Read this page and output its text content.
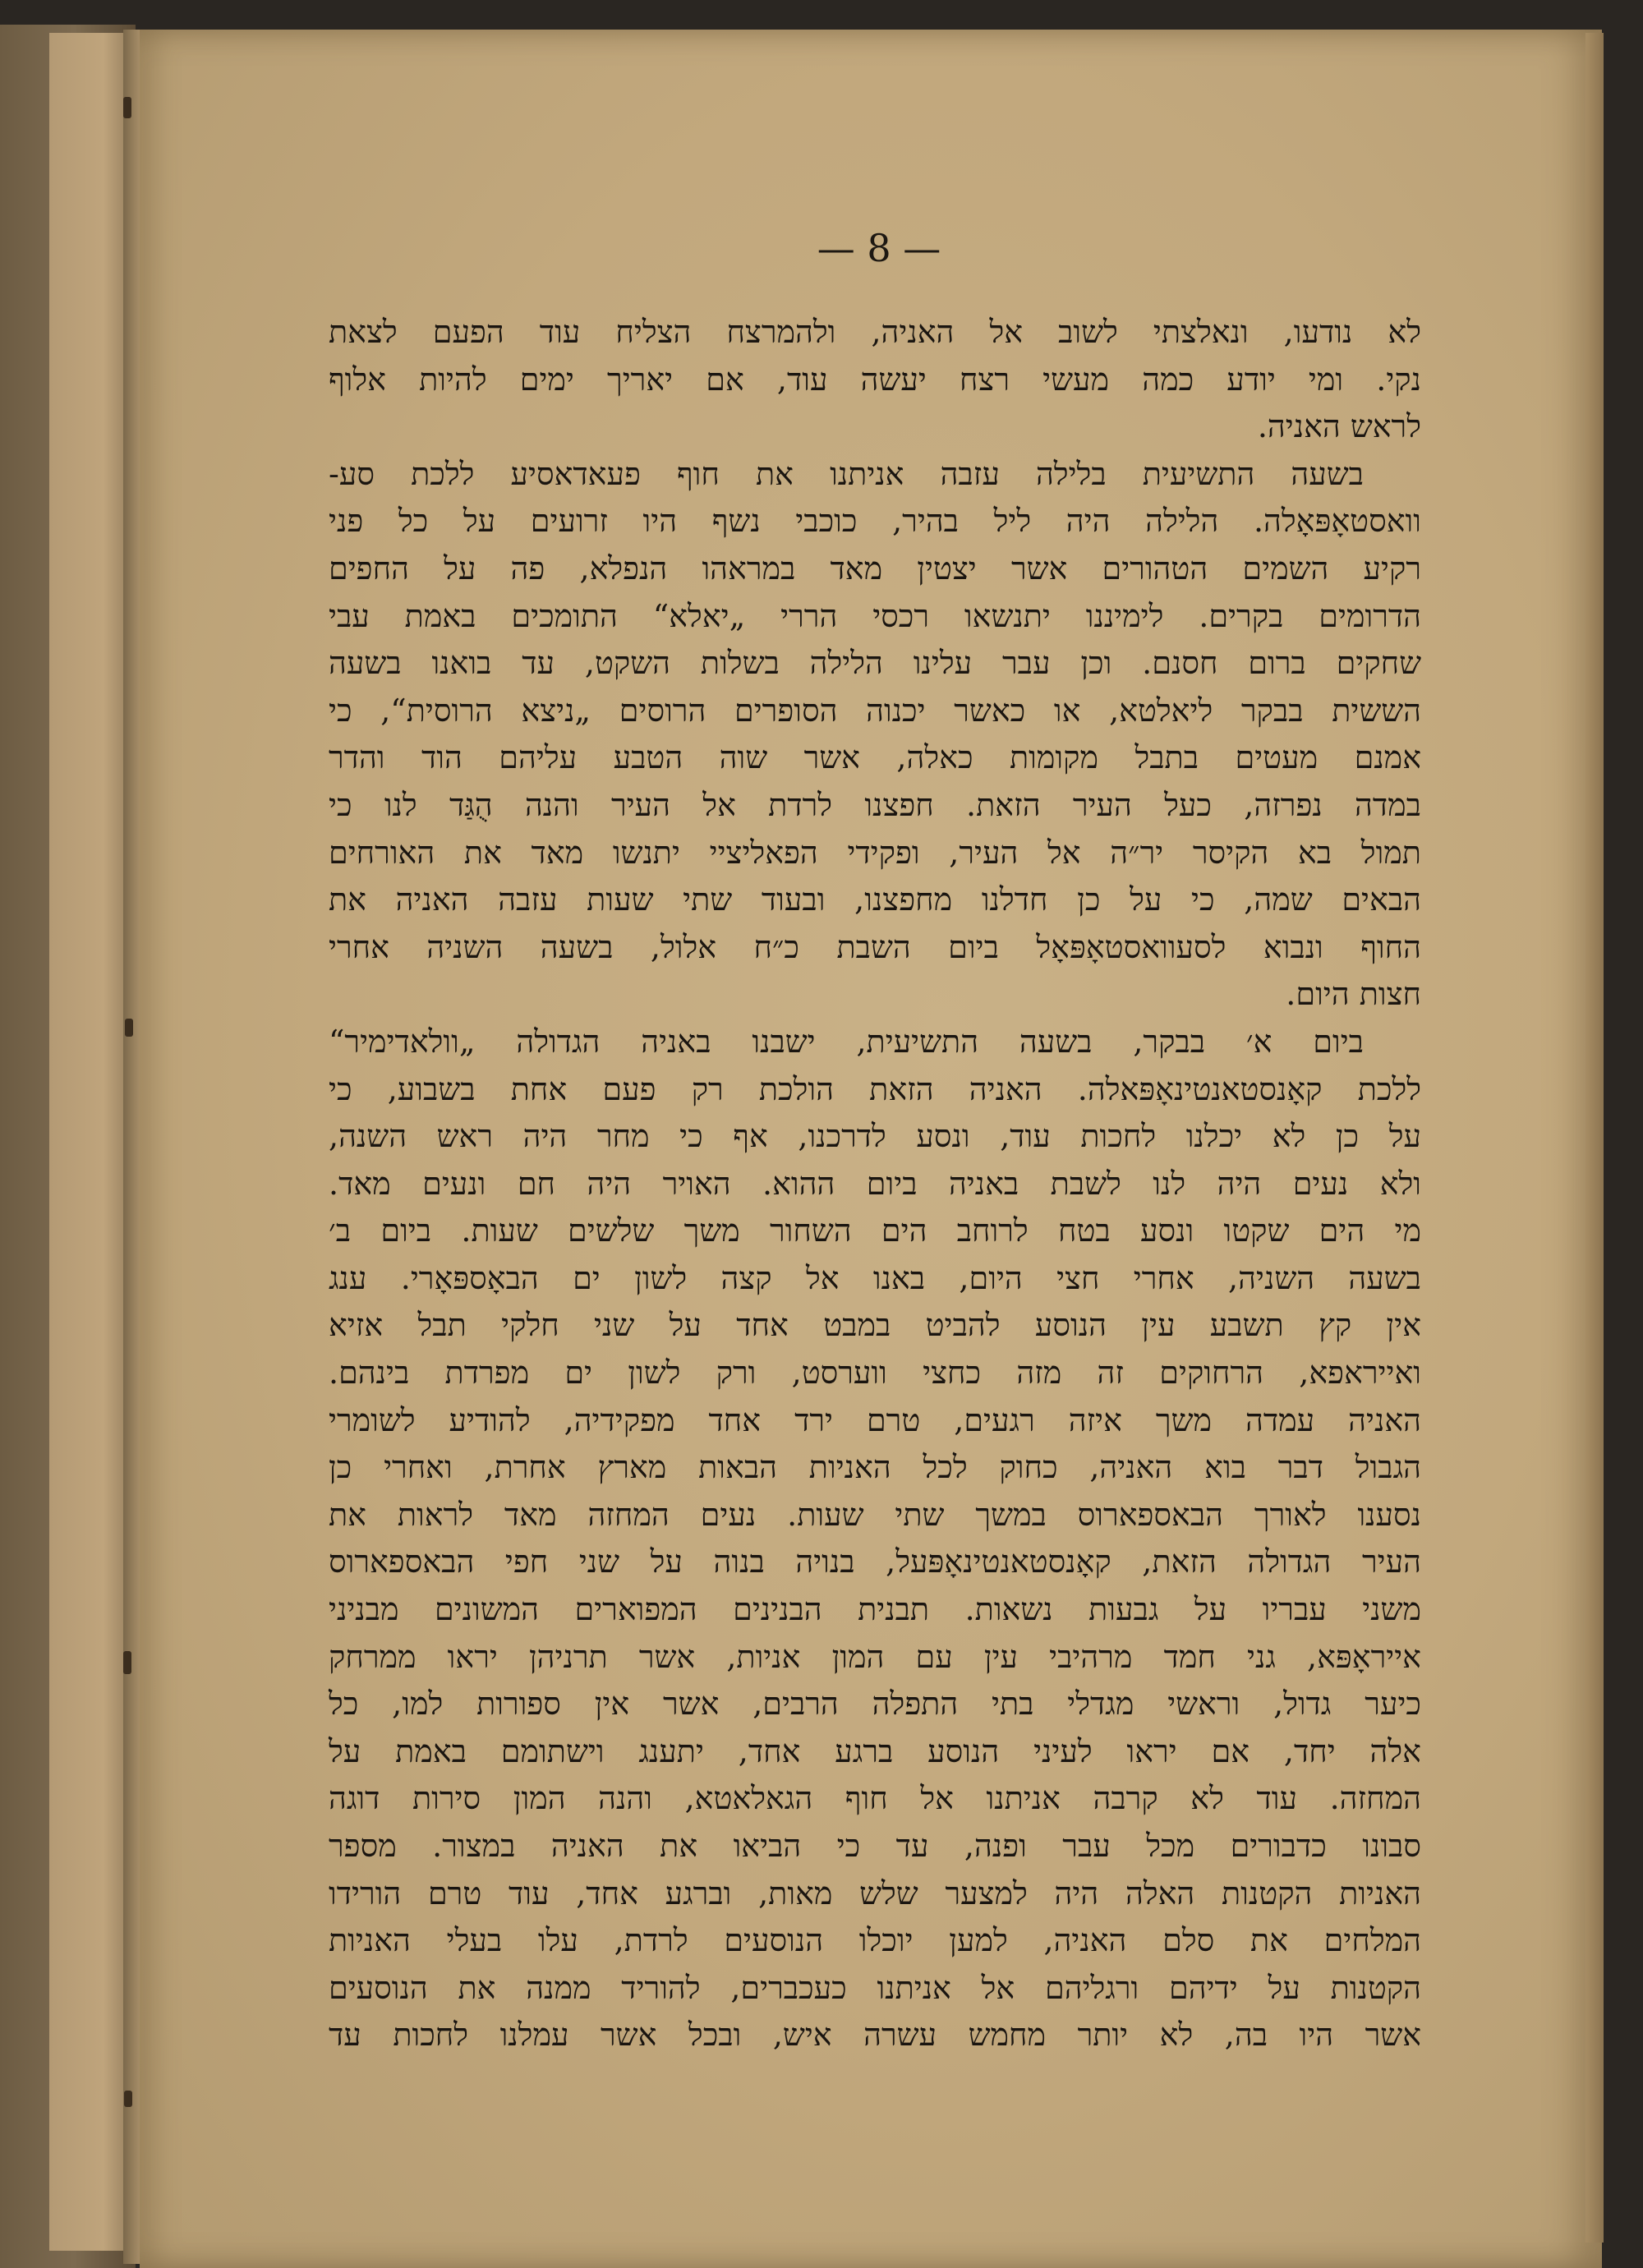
— 8 —
לא נודעו, ונאלצתי לשוב אל האניה, ולהמרצח הצליח עוד הפעם לצאת
נקי. ומי יודע כמה מעשי רצח יעשה עוד, אם יאריך ימים להיות אלוף
לראש האניה.
בשעה התשיעית בלילה עזבה אניתנו את חוף פעאדאסיע ללכת סע-
וואסטאָפּאָלה. הלילה היה ליל בהיר, כוכבי נשף היו זרועים על כל פני
רקיע השמים הטהורים אשר יצטין מאד במראהו הנפלא, פה על החפים
הדרומים בקרים. לימיננו יתנשאו רכסי הררי „יאלא“ התומכים באמת עבי
שחקים ברום חסנם. וכן עבר עלינו הלילה בשלות השקט, עד בואנו בשעה
הששית בבקר ליאלטא, או כאשר יכנוה הסופרים הרוסים „ניצא הרוסית“, כי
אמנם מעטים בתבל מקומות כאלה, אשר שוה הטבע עליהם הוד והדר
במדה נפרזה, כעל העיר הזאת. חפצנו לרדת אל העיר והנה הֻגַּד לנו כי
תמול בא הקיסר יר״ה אל העיר, ופקידי הפאליציי יתנשו מאד את האורחים
הבאים שמה, כי על כן חדלנו מחפצנו, ובעוד שתי שעות עזבה האניה את
החוף ונבוא לסעוואסטאָפּאָל ביום השבת כ״ח אלול, בשעה השניה אחרי
חצות היום.
ביום א׳ בבקר, בשעה התשיעית, ישבנו באניה הגדולה „וולאדימיר“
ללכת קאָנסטאנטינאָפּאלה. האניה הזאת הולכת רק פעם אחת בשבוע, כי
על כן לא יכלנו לחכות עוד, ונסע לדרכנו, אף כי מחר היה ראש השנה,
ולא נעים היה לנו לשבת באניה ביום ההוא. האויר היה חם ונעים מאד.
מי הים שקטו ונסע בטח לרוחב הים השחור משך שלשים שעות. ביום ב׳
בשעה השניה, אחרי חצי היום, באנו אל קצה לשון ים הבאָספּאָרי. ענג
אין קץ תשבע עין הנוסע להביט במבט אחד על שני חלקי תבל אזיא
ואייראפא, הרחוקים זה מזה כחצי ווערסט, ורק לשון ים מפרדת בינהם.
האניה עמדה משך איזה רגעים, טרם ירד אחד מפקידיה, להודיע לשומרי
הגבול דבר בוא האניה, כחוק לכל האניות הבאות מארץ אחרת, ואחרי כן
נסענו לאורך הבאספארוס במשך שתי שעות. נעים המחזה מאד לראות את
העיר הגדולה הזאת, קאָנסטאנטינאָפּעל, בנויה בנוה על שני חפי הבאספארוס
משני עבריו על גבעות נשאות. תבנית הבנינים המפוארים המשונים מבניני
אייראָפּא, גני חמד מרהיבי עין עם המון אניות, אשר תרניהן יראו ממרחק
כיער גדול, וראשי מגדלי בתי התפלה הרבים, אשר אין ספורות למו, כל
אלה יחד, אם יראו לעיני הנוסע ברגע אחד, יתענג וישתומם באמת על
המחזה. עוד לא קרבה אניתנו אל חוף הגאלאטא, והנה המון סירות דוגה
סבונו כדבורים מכל עבר ופנה, עד כי הביאו את האניה במצור. מספר
האניות הקטנות האלה היה למצער שלש מאות, וברגע אחד, עוד טרם הורידו
המלחים את סלם האניה, למען יוכלו הנוסעים לרדת, עלו בעלי האניות
הקטנות על ידיהם ורגליהם אל אניתנו כעכברים, להוריד ממנה את הנוסעים
אשר היו בה, לא יותר מחמש עשרה איש, ובכל אשר עמלנו לחכות עד
